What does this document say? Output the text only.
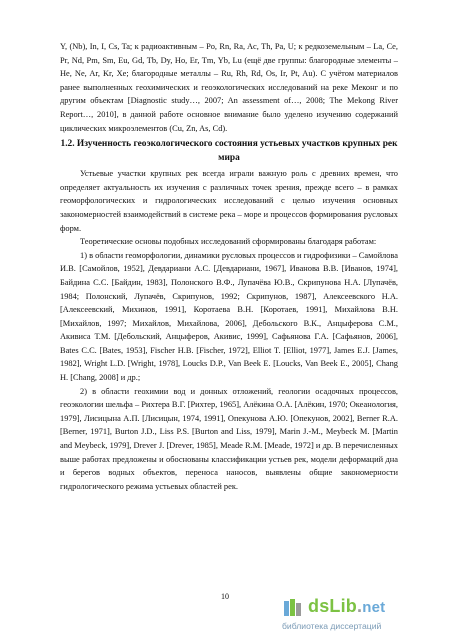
Y, (Nb), In, I, Cs, Ta; к радиоактивным – Po, Rn, Ra, Ac, Th, Pa, U; к редкоземельным – La, Ce, Pr, Nd, Pm, Sm, Eu, Gd, Tb, Dy, Ho, Er, Tm, Yb, Lu (ещё две группы: благородные элементы – He, Ne, Ar, Kr, Xe; благородные металлы – Ru, Rh, Rd, Os, Ir, Pt, Au). С учётом материалов ранее выполненных геохимических и геоэкологических исследований на реке Меконг и по другим объектам [Diagnostic study…, 2007; An assessment of…, 2008; The Mekong River Report…, 2010], в данной работе основное внимание было уделено изучению содержаний циклических микроэлементов (Cu, Zn, As, Cd).

1.2. Изученность геоэкологического состояния устьевых участков крупных рек мира

Устьевые участки крупных рек всегда играли важную роль с древних времен, что определяет актуальность их изучения с различных точек зрения, прежде всего – в рамках геоморфологических и гидрологических исследований с целью изучения основных закономерностей взаимодействий в системе река – море и процессов формирования русловых форм.

Теоретические основы подобных исследований сформированы благодаря работам:

1) в области геоморфологии, динамики русловых процессов и гидрофизики – Самойлова И.В. [Самойлов, 1952], Девдариани А.С. [Девдариани, 1967], Иванова В.В. [Иванов, 1974], Байдина С.С. [Байдин, 1983], Полонского В.Ф., Лупачёва Ю.В., Скрипунова Н.А. [Лупачёв, 1984; Полонский, Лупачёв, Скрипунов, 1992; Скрипунов, 1987], Алексеевского Н.А. [Алексеевский, Михинов, 1991], Коротаева В.Н. [Коротаев, 1991], Михайлова В.Н. [Михайлов, 1997; Михайлов, Михайлова, 2006], Дебольского В.К., Анцыферова С.М., Акивиса Т.М. [Дебольский, Анцыферов, Акивис, 1999], Сафьянова Г.А. [Сафьянов, 2006], Bates C.C. [Bates, 1953], Fischer H.B. [Fischer, 1972], Elliot T. [Elliot, 1977], James E.J. [James, 1982], Wright L.D. [Wright, 1978], Loucks D.P., Van Beek E. [Loucks, Van Beek E., 2005], Chang H. [Chang, 2008] и др.;

2) в области геохимии вод и донных отложений, геологии осадочных процессов, геоэкологии шельфа – Рихтера В.Г. [Рихтер, 1965], Алёкина О.А. [Алёкин, 1970; Океанология, 1979], Лисицына А.П. [Лисицын, 1974, 1991], Опекунова А.Ю. [Опекунов, 2002], Berner R.A. [Berner, 1971], Burton J.D., Liss P.S. [Burton and Liss, 1979], Marin J.-M., Meybeck M. [Martin and Meybeck, 1979], Drever J. [Drever, 1985], Meade R.M. [Meade, 1972] и др. В перечисленных выше работах предложены и обоснованы классификации устьев рек, модели деформаций дна и берегов водных объектов, переноса наносов, выявлены общие закономерности гидрологического режима устьевых областей рек.

10	dsLib.net
библиотека диссертаций
